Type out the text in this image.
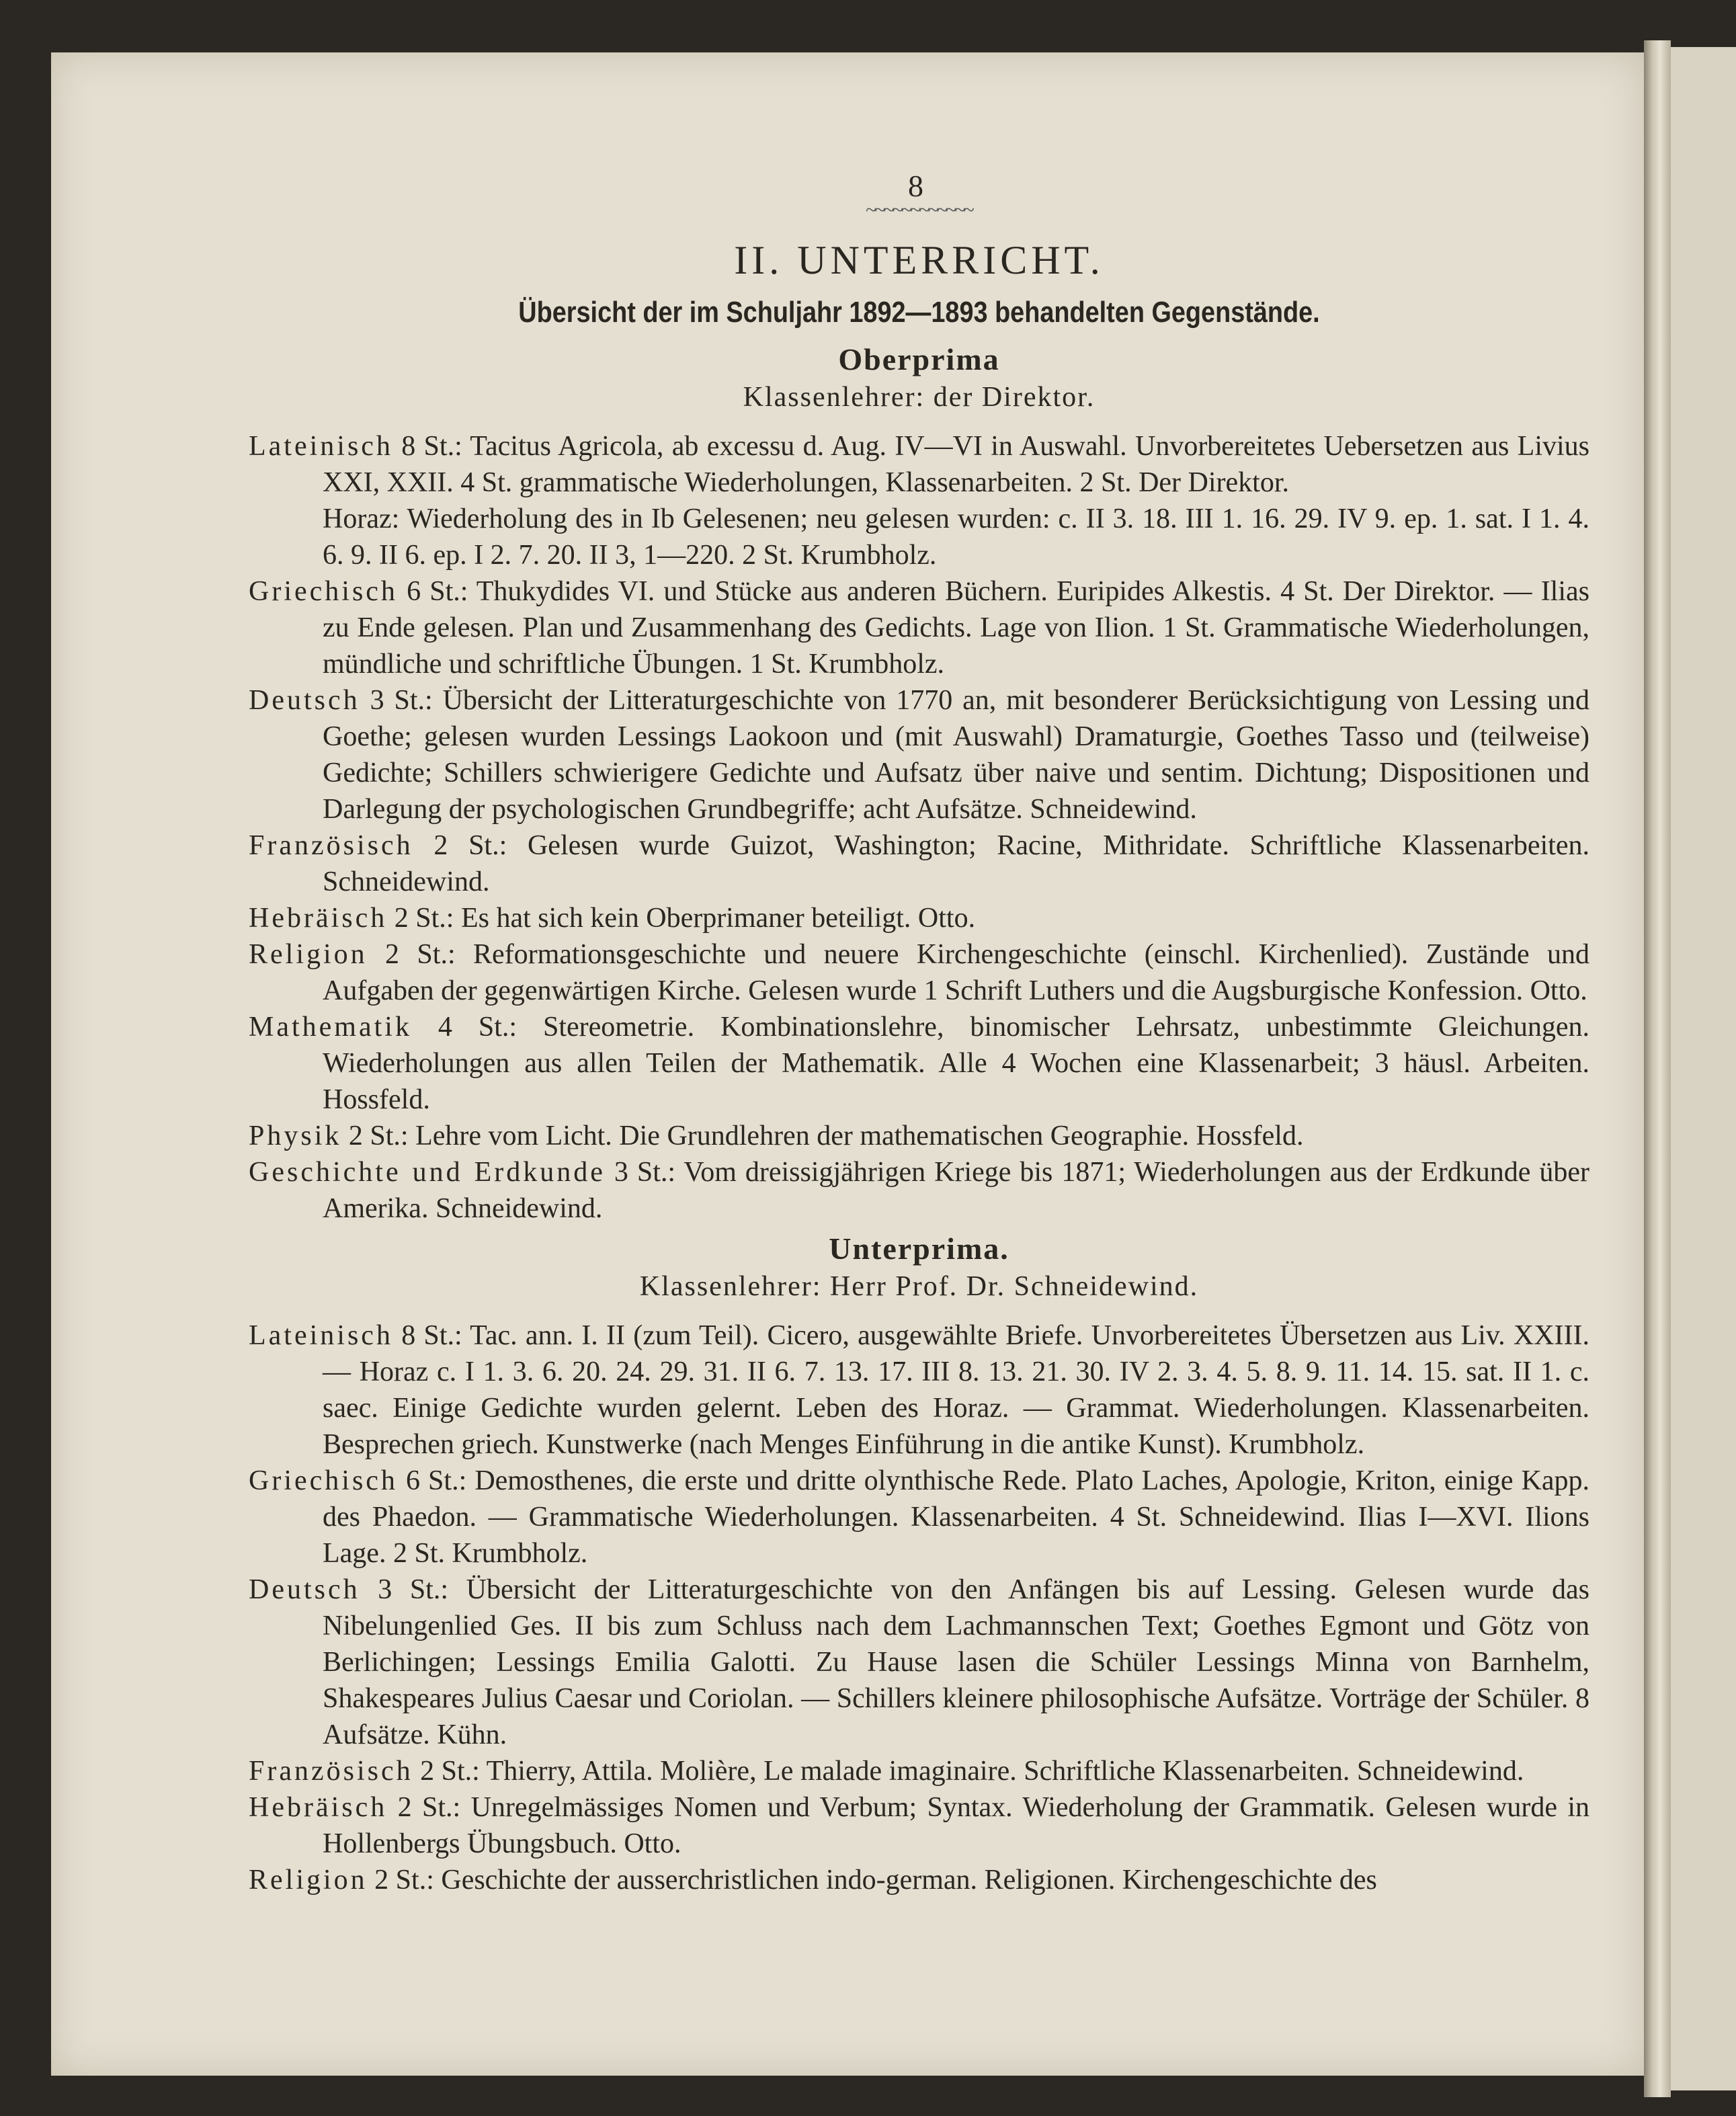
8
~~~~~~~~~~~~
II. UNTERRICHT.
Übersicht der im Schuljahr 1892—1893 behandelten Gegenstände.
Oberprima
Klassenlehrer: der Direktor.

Lateinisch 8 St.: Tacitus Agricola, ab excessu d. Aug. IV—VI in Auswahl. Unvorbereitetes Uebersetzen aus Livius XXI, XXII. 4 St. grammatische Wiederholungen, Klassenarbeiten. 2 St. Der Direktor.

Horaz: Wiederholung des in Ib Gelesenen; neu gelesen wurden: c. II 3. 18. III 1. 16. 29. IV 9. ep. 1. sat. I 1. 4. 6. 9. II 6. ep. I 2. 7. 20. II 3, 1—220. 2 St. Krumbholz.

Griechisch 6 St.: Thukydides VI. und Stücke aus anderen Büchern. Euripides Alkestis. 4 St. Der Direktor. — Ilias zu Ende gelesen. Plan und Zusammenhang des Gedichts. Lage von Ilion. 1 St. Grammatische Wiederholungen, mündliche und schriftliche Übungen. 1 St. Krumbholz.

Deutsch 3 St.: Übersicht der Litteraturgeschichte von 1770 an, mit besonderer Berücksichtigung von Lessing und Goethe; gelesen wurden Lessings Laokoon und (mit Auswahl) Dramaturgie, Goethes Tasso und (teilweise) Gedichte; Schillers schwierigere Gedichte und Aufsatz über naive und sentim. Dichtung; Dispositionen und Darlegung der psychologischen Grundbegriffe; acht Aufsätze. Schneidewind.

Französisch 2 St.: Gelesen wurde Guizot, Washington; Racine, Mithridate. Schriftliche Klassenarbeiten. Schneidewind.

Hebräisch 2 St.: Es hat sich kein Oberprimaner beteiligt. Otto.

Religion 2 St.: Reformationsgeschichte und neuere Kirchengeschichte (einschl. Kirchenlied). Zustände und Aufgaben der gegenwärtigen Kirche. Gelesen wurde 1 Schrift Luthers und die Augsburgische Konfession. Otto.

Mathematik 4 St.: Stereometrie. Kombinationslehre, binomischer Lehrsatz, unbestimmte Gleichungen. Wiederholungen aus allen Teilen der Mathematik. Alle 4 Wochen eine Klassenarbeit; 3 häusl. Arbeiten. Hossfeld.

Physik 2 St.: Lehre vom Licht. Die Grundlehren der mathematischen Geographie. Hossfeld.

Geschichte und Erdkunde 3 St.: Vom dreissigjährigen Kriege bis 1871; Wiederholungen aus der Erdkunde über Amerika. Schneidewind.

Unterprima.
Klassenlehrer: Herr Prof. Dr. Schneidewind.

Lateinisch 8 St.: Tac. ann. I. II (zum Teil). Cicero, ausgewählte Briefe. Unvorbereitetes Übersetzen aus Liv. XXIII. — Horaz c. I 1. 3. 6. 20. 24. 29. 31. II 6. 7. 13. 17. III 8. 13. 21. 30. IV 2. 3. 4. 5. 8. 9. 11. 14. 15. sat. II 1. c. saec. Einige Gedichte wurden gelernt. Leben des Horaz. — Grammat. Wiederholungen. Klassenarbeiten. Besprechen griech. Kunstwerke (nach Menges Einführung in die antike Kunst). Krumbholz.

Griechisch 6 St.: Demosthenes, die erste und dritte olynthische Rede. Plato Laches, Apologie, Kriton, einige Kapp. des Phaedon. — Grammatische Wiederholungen. Klassenarbeiten. 4 St. Schneidewind. Ilias I—XVI. Ilions Lage. 2 St. Krumbholz.

Deutsch 3 St.: Übersicht der Litteraturgeschichte von den Anfängen bis auf Lessing. Gelesen wurde das Nibelungenlied Ges. II bis zum Schluss nach dem Lachmannschen Text; Goethes Egmont und Götz von Berlichingen; Lessings Emilia Galotti. Zu Hause lasen die Schüler Lessings Minna von Barnhelm, Shakespeares Julius Caesar und Coriolan. — Schillers kleinere philosophische Aufsätze. Vorträge der Schüler. 8 Aufsätze. Kühn.

Französisch 2 St.: Thierry, Attila. Molière, Le malade imaginaire. Schriftliche Klassenarbeiten. Schneidewind.

Hebräisch 2 St.: Unregelmässiges Nomen und Verbum; Syntax. Wiederholung der Grammatik. Gelesen wurde in Hollenbergs Übungsbuch. Otto.

Religion 2 St.: Geschichte der ausserchristlichen indo-german. Religionen. Kirchengeschichte des
